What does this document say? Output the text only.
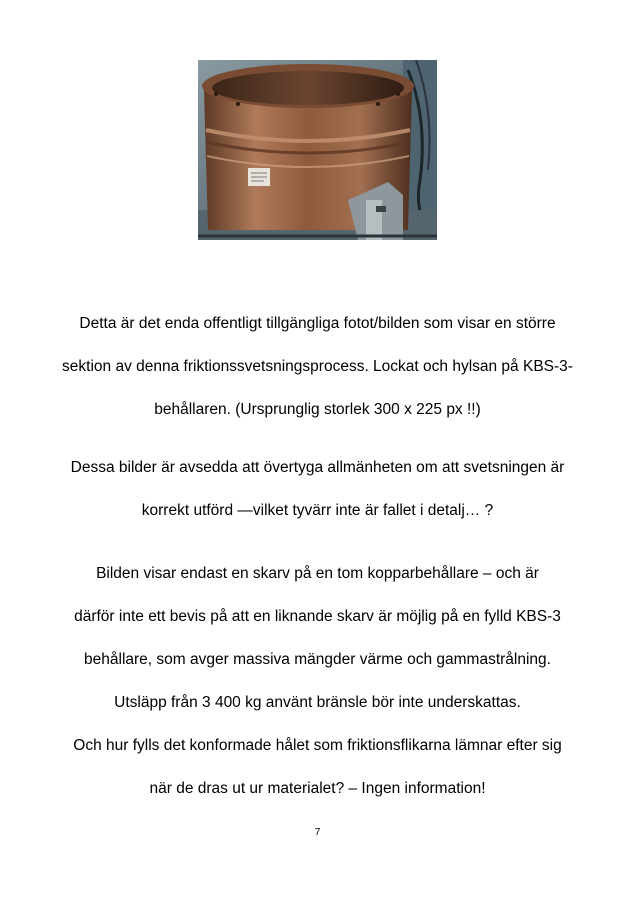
Detta är det enda offentligt tillgängliga fotot/bilden som visar en större
sektion av denna friktionssvetsningsprocess. Lockat och hylsan på KBS-3-
behållaren. (Ursprunglig storlek 300 x 225 px !!)
Dessa bilder är avsedda att övertyga allmänheten om att svetsningen är
korrekt utförd —vilket tyvärr inte är fallet i detalj… ?
Bilden visar endast en skarv på en tom kopparbehållare – och är
därför inte ett bevis på att en liknande skarv är möjlig på en fylld KBS-3
behållare, som avger massiva mängder värme och gammastrålning.
Utsläpp från 3 400 kg använt bränsle bör inte underskattas.
Och hur fylls det konformade hålet som friktionsflikarna lämnar efter sig
när de dras ut ur materialet? – Ingen information!
7
